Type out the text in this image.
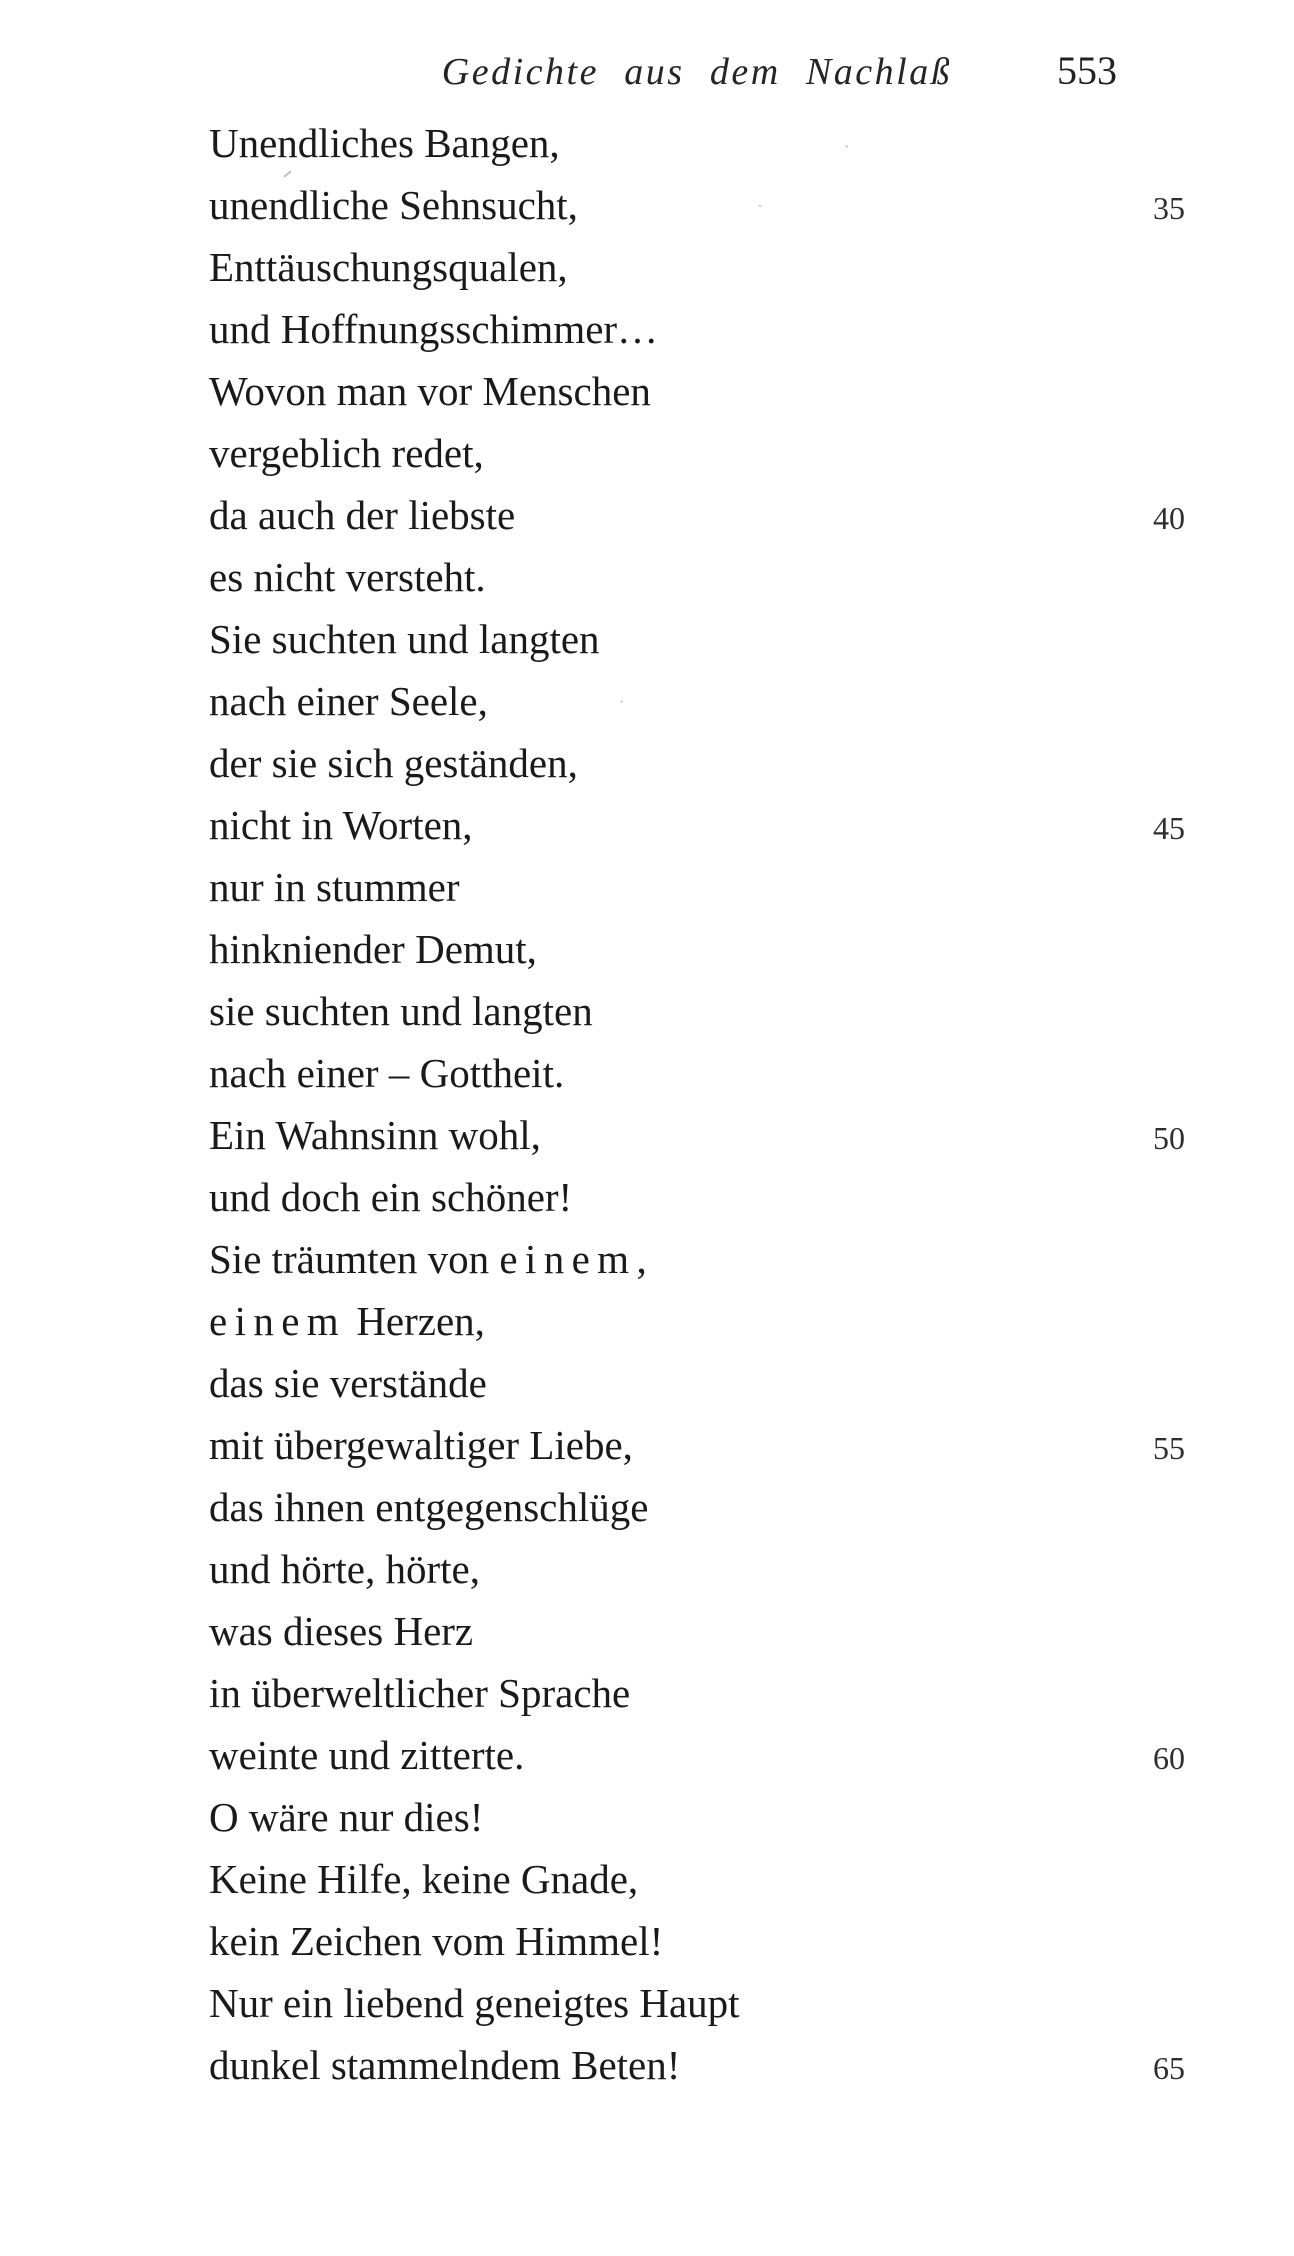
Gedichte aus dem Nachlaß	553
Unendliches Bangen,
unendliche Sehnsucht,	35
Enttäuschungsqualen,
und Hoffnungsschimmer…
Wovon man vor Menschen
vergeblich redet,
da auch der liebste	40
es nicht versteht.
Sie suchten und langten
nach einer Seele,
der sie sich geständen,
nicht in Worten,	45
nur in stummer
hinkniender Demut,
sie suchten und langten
nach einer – Gottheit.
Ein Wahnsinn wohl,	50
und doch ein schöner!
Sie träumten von einem,
einem Herzen,
das sie verstände
mit übergewaltiger Liebe,	55
das ihnen entgegenschlüge
und hörte, hörte,
was dieses Herz
in überweltlicher Sprache
weinte und zitterte.	60
O wäre nur dies!
Keine Hilfe, keine Gnade,
kein Zeichen vom Himmel!
Nur ein liebend geneigtes Haupt
dunkel stammelndem Beten!	65
